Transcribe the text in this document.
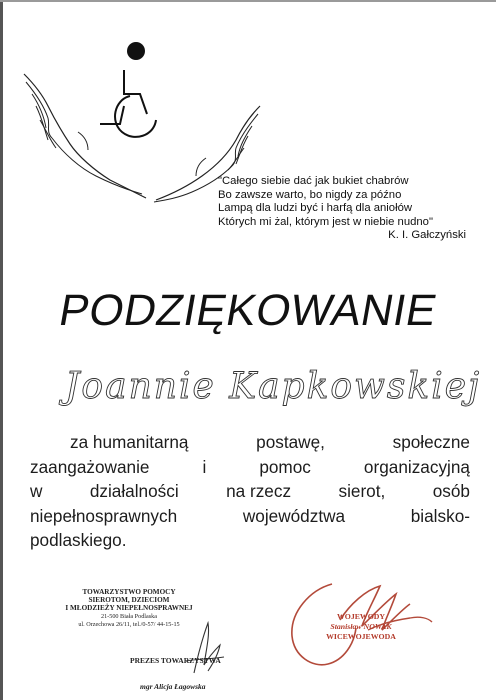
"Całego siebie dać jak bukiet chabrów
Bo zawsze warto, bo nigdy za późno
Lampą dla ludzi być i harfą dla aniołów
Których mi żal, którym jest w niebie nudno"
K. I. Gałczyński
PODZIĘKOWANIE
Joannie Kapkowskiej
za humanitarną	postawę,	społeczne
zaangażowanie	i	pomoc	organizacyjną
w	działalności	na rzecz	sierot,	osób
niepełnosprawnych	województwa	bialsko-
podlaskiego.
TOWARZYSTWO POMOCY
SIEROTOM, DZIECIOM
I MŁODZIEŻY NIEPEŁNOSPRAWNEJ
21-500 Biała Podlaska
ul. Orzechowa 26/11, tel./0-57/ 44-15-15
PREZES TOWARZYSTWA
mgr Alicja Łagowska
WOJEWODY
Stanisław NOWAK
WICEWOJEWODA
